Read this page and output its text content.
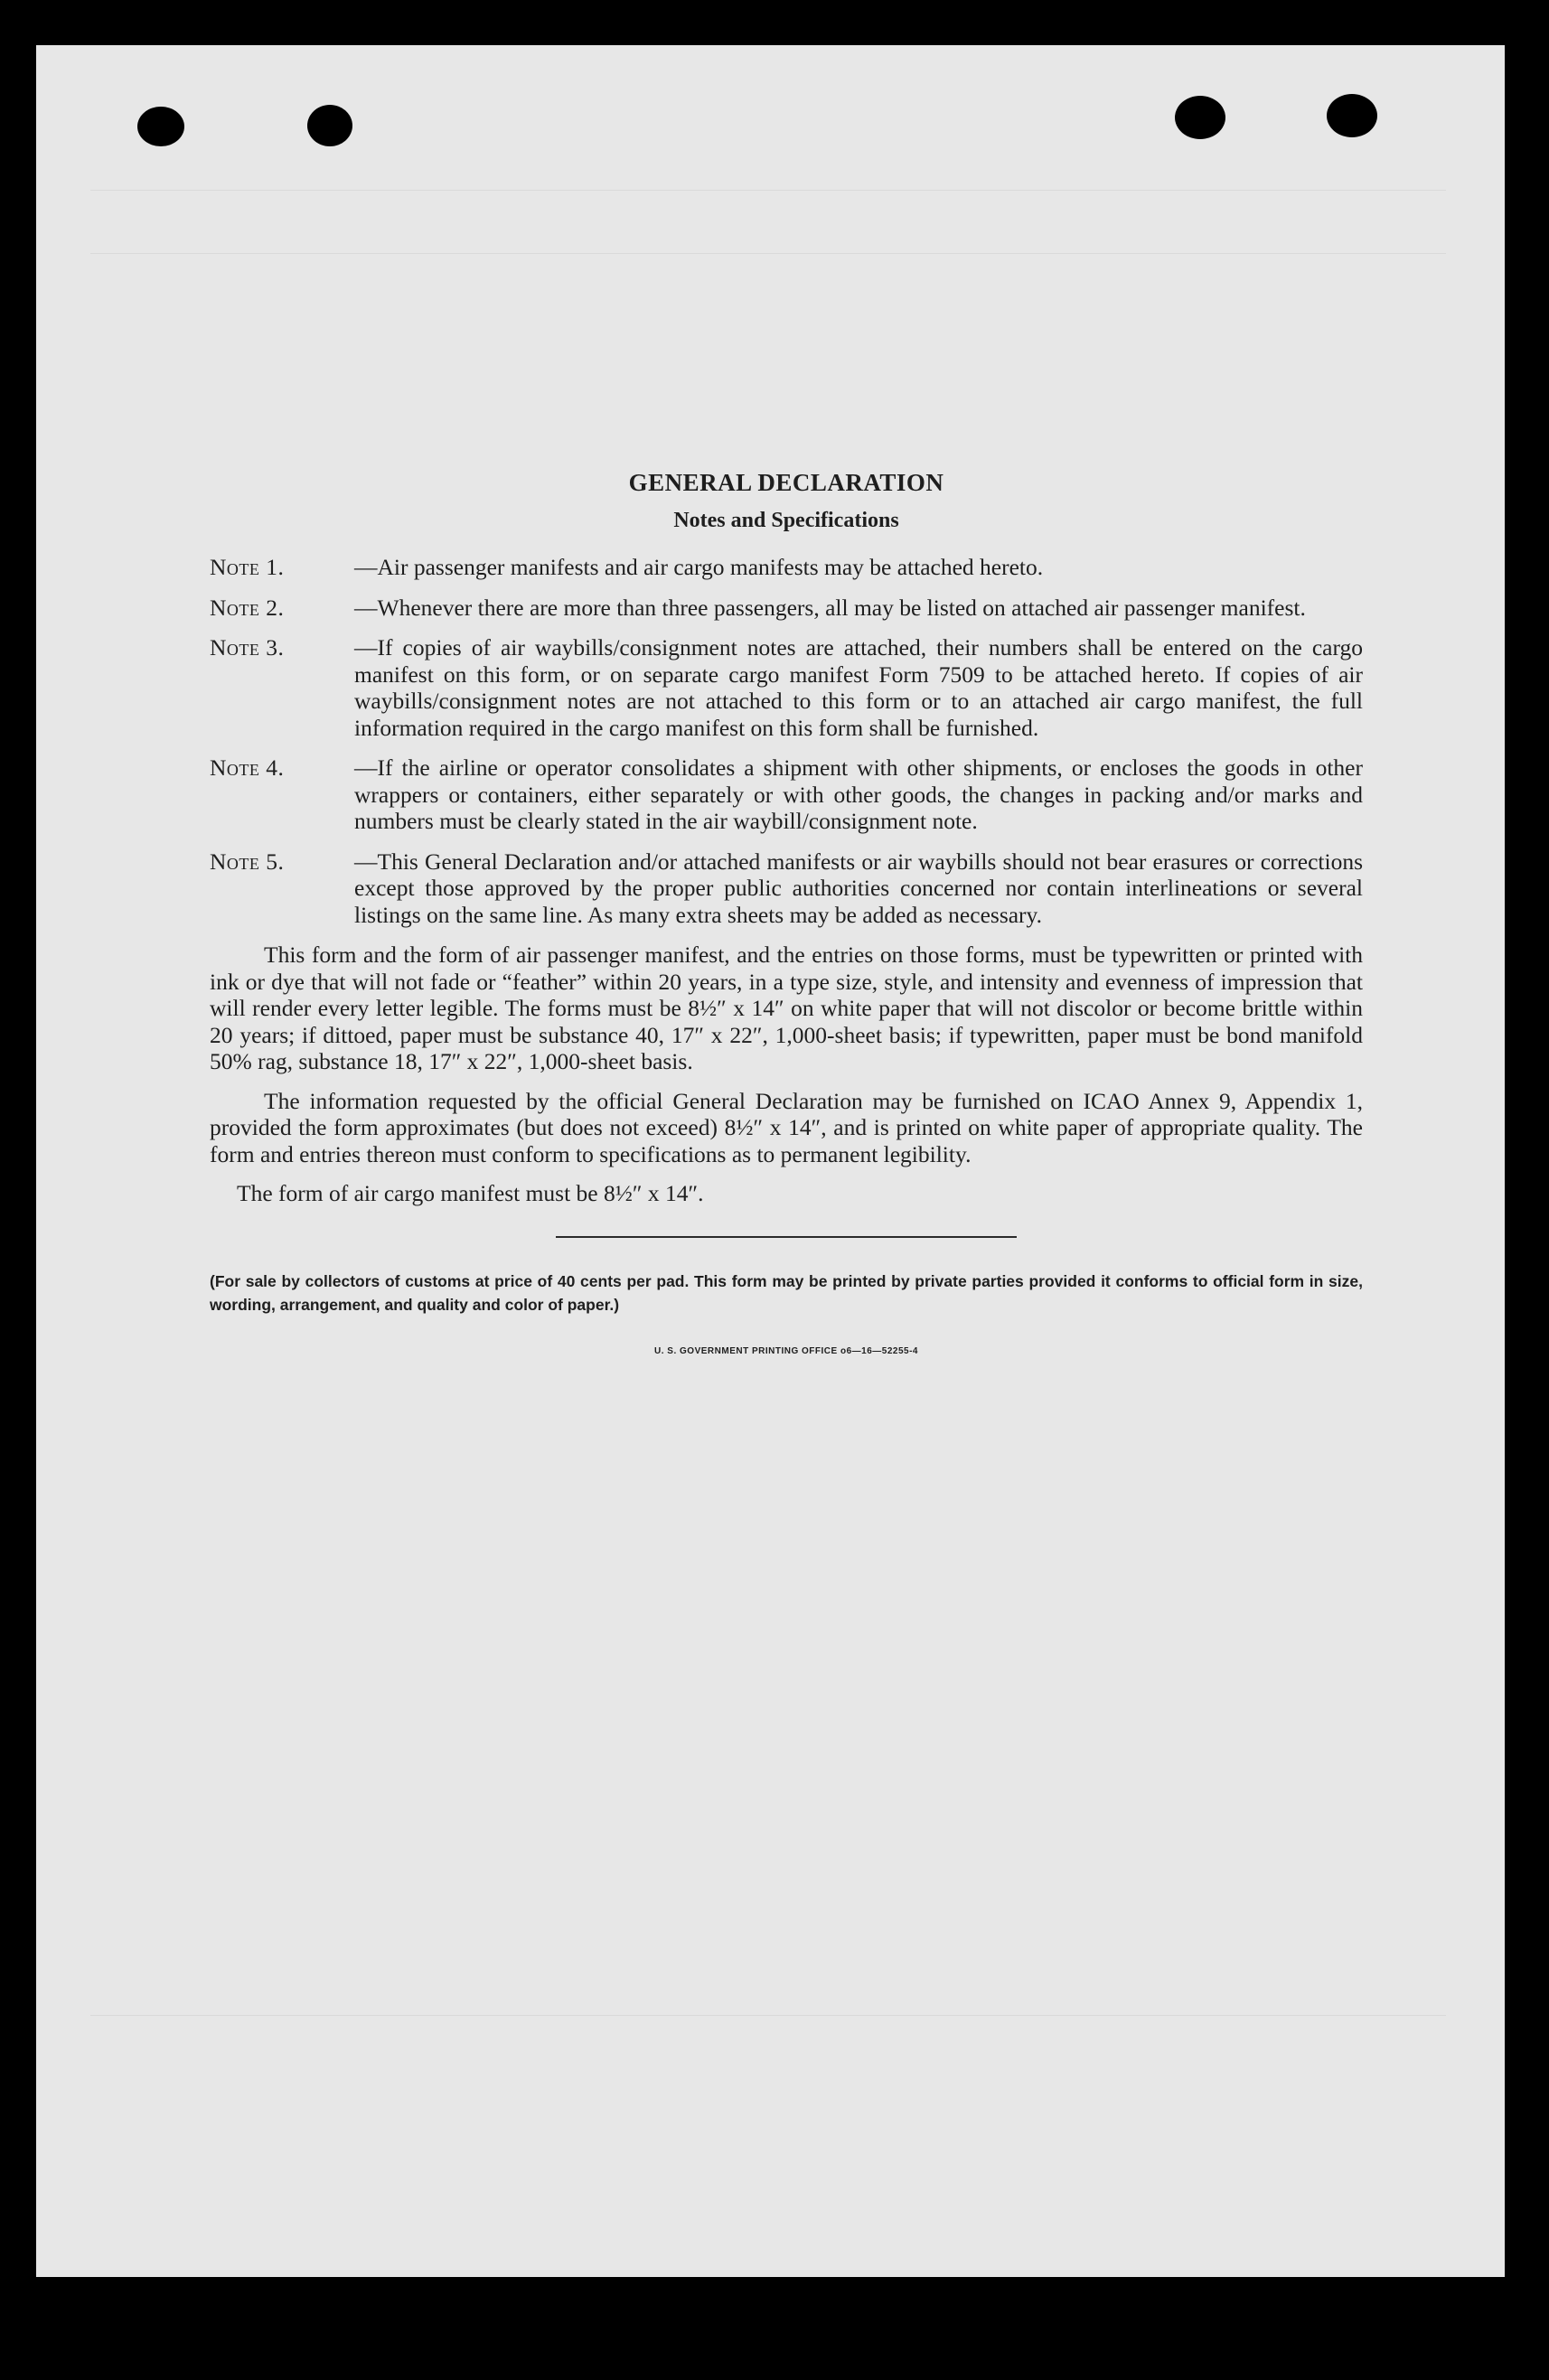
GENERAL DECLARATION
Notes and Specifications
Note 1.	—Air passenger manifests and air cargo manifests may be attached hereto.
Note 2.	—Whenever there are more than three passengers, all may be listed on attached air passenger manifest.
Note 3.	—If copies of air waybills/consignment notes are attached, their numbers shall be entered on the cargo manifest on this form, or on separate cargo manifest Form 7509 to be attached hereto. If copies of air waybills/consignment notes are not attached to this form or to an attached air cargo manifest, the full information required in the cargo manifest on this form shall be furnished.
Note 4.	—If the airline or operator consolidates a shipment with other shipments, or encloses the goods in other wrappers or containers, either separately or with other goods, the changes in packing and/or marks and numbers must be clearly stated in the air waybill/consignment note.
Note 5.	—This General Declaration and/or attached manifests or air waybills should not bear erasures or corrections except those approved by the proper public authorities concerned nor contain interlineations or several listings on the same line. As many extra sheets may be added as necessary.

This form and the form of air passenger manifest, and the entries on those forms, must be typewritten or printed with ink or dye that will not fade or “feather” within 20 years, in a type size, style, and intensity and evenness of impression that will render every letter legible. The forms must be 8½″ x 14″ on white paper that will not discolor or become brittle within 20 years; if dittoed, paper must be substance 40, 17″ x 22″, 1,000-sheet basis; if typewritten, paper must be bond manifold 50% rag, substance 18, 17″ x 22″, 1,000-sheet basis.

The information requested by the official General Declaration may be furnished on ICAO Annex 9, Appendix 1, provided the form approximates (but does not exceed) 8½″ x 14″, and is printed on white paper of appropriate quality. The form and entries thereon must conform to specifications as to permanent legibility.

The form of air cargo manifest must be 8½″ x 14″.

(For sale by collectors of customs at price of 40 cents per pad. This form may be printed by private parties provided it conforms to official form in size, wording, arrangement, and quality and color of paper.)
U. S. GOVERNMENT PRINTING OFFICE o6—16—52255-4
